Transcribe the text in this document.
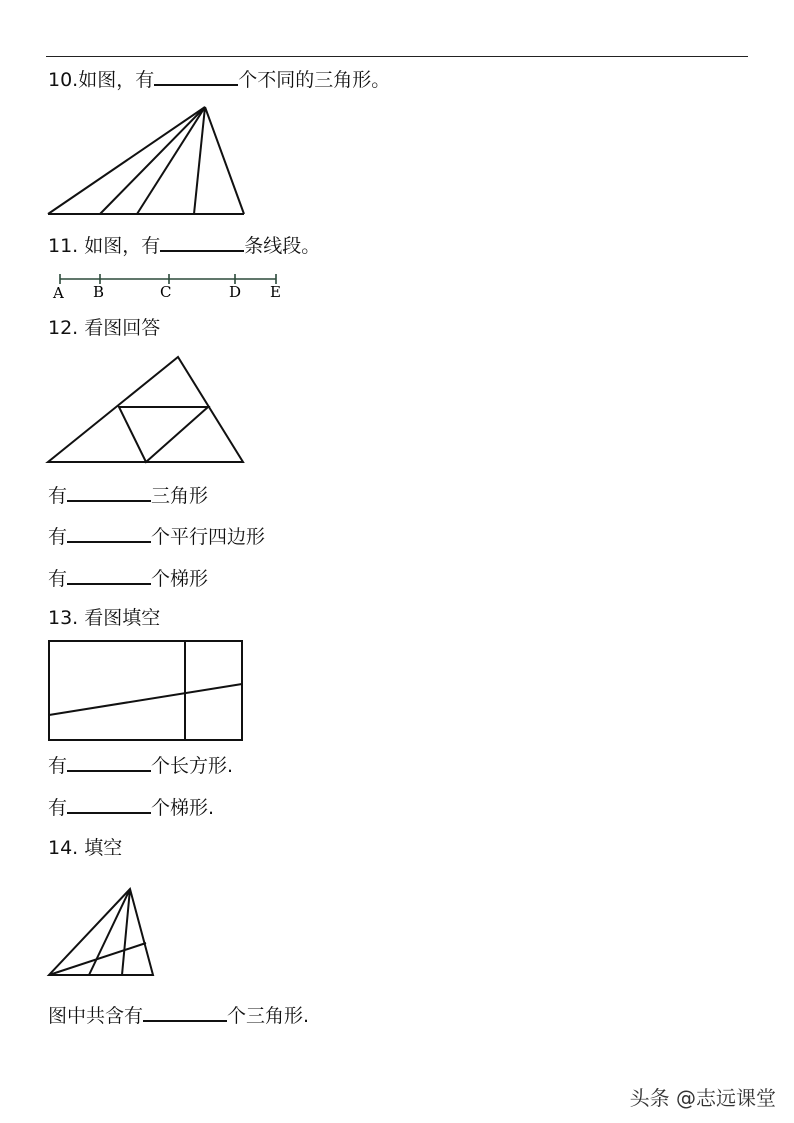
10.如图，有	个不同的三角形。
11. 如图，有	条线段。
A B	C	D E
12. 看图回答
有	三角形
有	个平行四边形
有	个梯形
13. 看图填空
有	个长方形.
有	个梯形.
14. 填空
图中共含有	个三角形.
头条 @志远课堂
